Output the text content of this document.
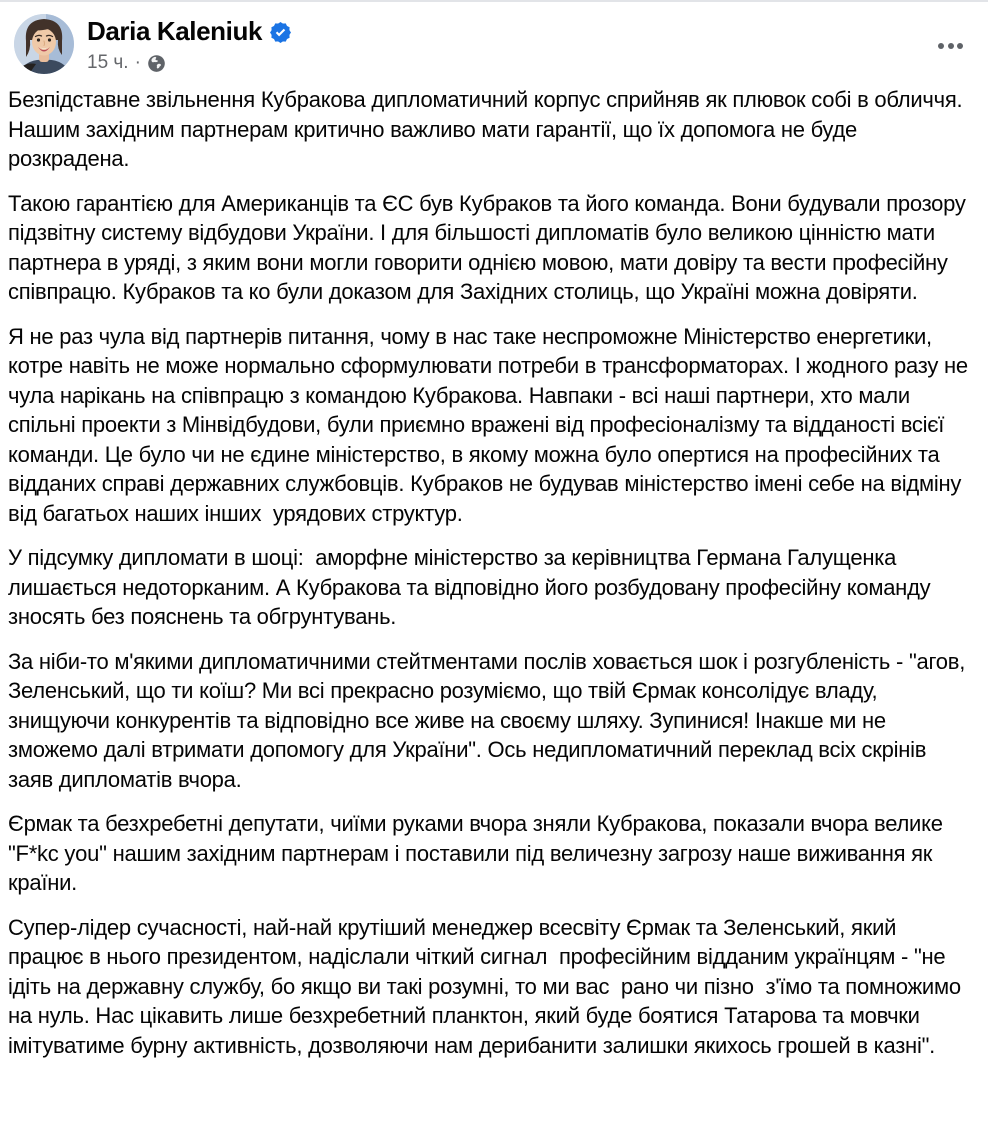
Daria Kaleniuk
15 ч. ·

Безпідставне звільнення Кубракова дипломатичний корпус сприйняв як плювок собі в обличчя.  Нашим західним партнерам критично важливо мати гарантії, що їх допомога не буде розкрадена.

Такою гарантією для Американців та ЄС був Кубраков та його команда. Вони будували прозору підзвітну систему відбудови України. І для більшості дипломатів було великою цінністю мати партнера в уряді, з яким вони могли говорити однією мовою, мати довіру та вести професійну співпрацю. Кубраков та ко були доказом для Західних столиць, що Україні можна довіряти.

Я не раз чула від партнерів питання, чому в нас таке неспроможне Міністерство енергетики, котре навіть не може нормально сформулювати потреби в трансформаторах. І жодного разу не чула нарікань на співпрацю з командою Кубракова. Навпаки - всі наші партнери, хто мали спільні проекти з Мінвідбудови, були приємно вражені від професіоналізму та відданості всієї команди. Це було чи не єдине міністерство, в якому можна було опертися на професійних та відданих справі державних службовців. Кубраков не будував міністерство імені себе на відміну від багатьох наших інших  урядових структур.

У підсумку дипломати в шоці:  аморфне міністерство за керівництва Германа Галущенка лишається недоторканим. А Кубракова та відповідно його розбудовану професійну команду зносять без пояснень та обгрунтувань.

За ніби-то м'якими дипломатичними стейтментами послів ховається шок і розгубленість - "агов, Зеленський, що ти коїш? Ми всі прекрасно розуміємо, що твій Єрмак консолідує владу, знищуючи конкурентів та відповідно все живе на своєму шляху. Зупинися! Інакше ми не зможемо далі втримати допомогу для України". Ось недипломатичний переклад всіх скрінів заяв дипломатів вчора.

Єрмак та безхребетні депутати, чиїми руками вчора зняли Кубракова, показали вчора велике "F*kc you" нашим західним партнерам і поставили під величезну загрозу наше виживання як країни.

Супер-лідер сучасності, най-най крутіший менеджер всесвіту Єрмак та Зеленський, який працює в нього президентом, надіслали чіткий сигнал  професійним відданим українцям - "не ідіть на державну службу, бо якщо ви такі розумні, то ми вас  рано чи пізно  з'їмо та помножимо на нуль. Нас цікавить лише безхребетний планктон, який буде боятися Татарова та мовчки імітуватиме бурну активність, дозволяючи нам дерибанити залишки якихось грошей в казні".
